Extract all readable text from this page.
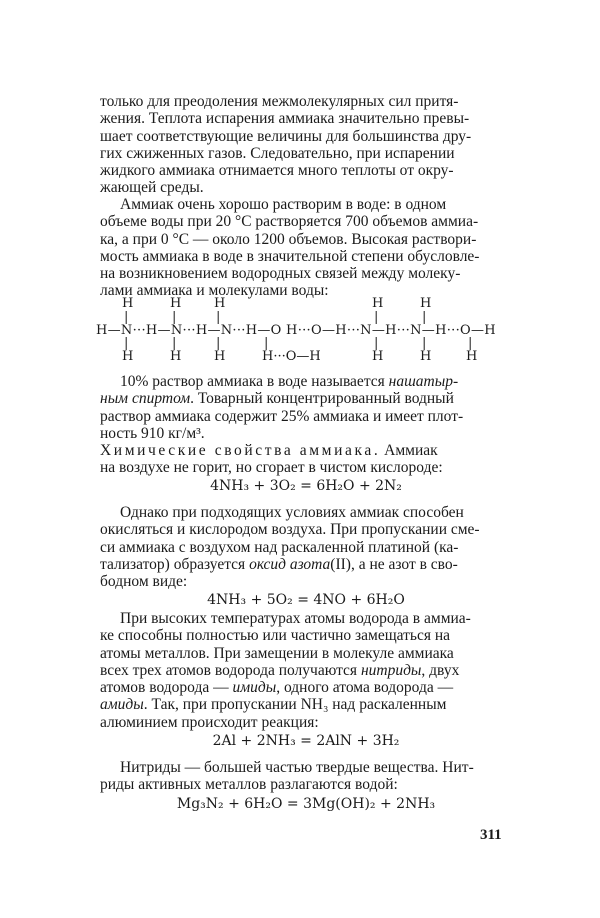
только для преодоления межмолекулярных сил притя-
жения. Теплота испарения аммиака значительно превы-
шает соответствующие величины для большинства дру-
гих сжиженных газов. Следовательно, при испарении
жидкого аммиака отнимается много теплоты от окру-
жающей среды.
Аммиак очень хорошо растворим в воде: в одном
объеме воды при 20 °С растворяется 700 объемов аммиа-
ка, а при 0 °С — около 1200 объемов. Высокая раствори-
мость аммиака в воде в значительной степени обусловле-
на возникновением водородных связей между молеку-
лами аммиака и молекулами воды:
H	H	H	H	H
|	|	|	|	|
H—N···H—N···H—N···H—O H···O—H···N—H···N—H···O—H
|	|	|	|	|	|	|
H	H	H	H···O—H	H	H	H
10% раствор аммиака в воде называется нашатыр-
ным спиртом. Товарный концентрированный водный
раствор аммиака содержит 25% аммиака и имеет плот-
ность 910 кг/м³.
Химические свойства аммиака. Аммиак
на воздухе не горит, но сгорает в чистом кислороде:
4NH₃ + 3O₂ = 6H₂O + 2N₂
Однако при подходящих условиях аммиак способен
окисляться и кислородом воздуха. При пропускании сме-
си аммиака с воздухом над раскаленной платиной (ка-
тализатор) образуется оксид азота(II), а не азот в сво-
бодном виде:
4NH₃ + 5O₂ = 4NO + 6H₂O
При высоких температурах атомы водорода в аммиа-
ке способны полностью или частично замещаться на
атомы металлов. При замещении в молекуле аммиака
всех трех атомов водорода получаются нитриды, двух
атомов водорода — имиды, одного атома водорода —
амиды. Так, при пропускании NH₃ над раскаленным
алюминием происходит реакция:
2Al + 2NH₃ = 2AlN + 3H₂
Нитриды — большей частью твердые вещества. Нит-
риды активных металлов разлагаются водой:
Mg₃N₂ + 6H₂O = 3Mg(OH)₂ + 2NH₃
311
